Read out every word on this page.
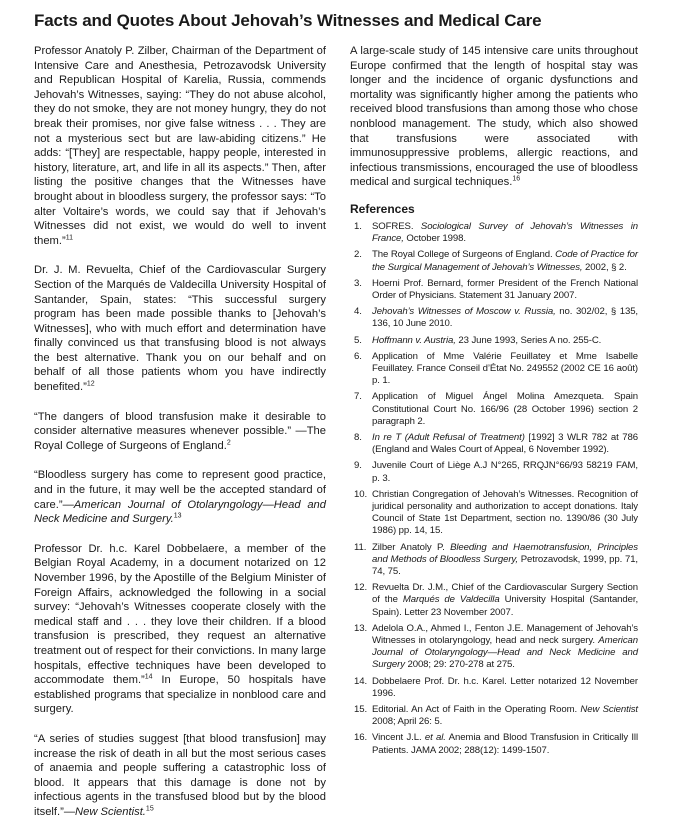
Facts and Quotes About Jehovah’s Witnesses and Medical Care

Professor Anatoly P. Zilber, Chairman of the Department of Intensive Care and Anesthesia, Petrozavodsk University and Republican Hospital of Karelia, Russia, commends Jehovah’s Witnesses, saying: “They do not abuse alcohol, they do not smoke, they are not money hungry, they do not break their promises, nor give false witness . . . They are not a mysterious sect but are law-abiding citizens.” He adds: “[They] are respectable, happy people, interested in history, literature, art, and life in all its aspects.” Then, after listing the positive changes that the Witnesses have brought about in bloodless surgery, the professor says: “To alter Voltaire’s words, we could say that if Jehovah’s Witnesses did not exist, we would do well to invent them.”$^{11}$

Dr. J. M. Revuelta, Chief of the Cardiovascular Surgery Section of the Marqués de Valdecilla University Hospital of Santander, Spain, states: “This successful surgery program has been made possible thanks to [Jehovah’s Witnesses], who with much effort and determination have finally convinced us that transfusing blood is not always the best alternative. Thank you on our behalf and on behalf of all those patients whom you have indirectly benefited.”$^{12}$

“The dangers of blood transfusion make it desirable to consider alternative measures whenever possible.” —The Royal College of Surgeons of England.$^2$

“Bloodless surgery has come to represent good practice, and in the future, it may well be the accepted standard of care.”—American Journal of Otolaryngology—Head and Neck Medicine and Surgery.$^{13}$

Professor Dr. h.c. Karel Dobbelaere, a member of the Belgian Royal Academy, in a document notarized on 12 November 1996, by the Apostille of the Belgium Minister of Foreign Affairs, acknowledged the following in a social survey: “Jehovah’s Witnesses cooperate closely with the medical staff and . . . they love their children. If a blood transfusion is prescribed, they request an alternative treatment out of respect for their convictions. In many large hospitals, effective techniques have been developed to accommodate them.”$^{14}$ In Europe, 50 hospitals have established programs that specialize in nonblood care and surgery.

“A series of studies suggest [that blood transfusion] may increase the risk of death in all but the most serious cases of anaemia and people suffering a catastrophic loss of blood. It appears that this damage is done not by infectious agents in the transfused blood but by the blood itself.”—New Scientist.$^{15}$

A large-scale study of 145 intensive care units throughout Europe confirmed that the length of hospital stay was longer and the incidence of organic dysfunctions and mortality was significantly higher among the patients who received blood transfusions than among those who chose nonblood management. The study, which also showed that transfusions were associated with immunosuppressive problems, allergic reactions, and infectious transmissions, encouraged the use of bloodless medical and surgical techniques.$^{16}$

References
1. SOFRES. Sociological Survey of Jehovah’s Witnesses in France, October 1998.
2. The Royal College of Surgeons of England. Code of Practice for the Surgical Management of Jehovah’s Witnesses, 2002, § 2.
3. Hoerni Prof. Bernard, former President of the French National Order of Physicians. Statement 31 January 2007.
4. Jehovah’s Witnesses of Moscow v. Russia, no. 302/02, § 135, 136, 10 June 2010.
5. Hoffmann v. Austria, 23 June 1993, Series A no. 255-C.
6. Application of Mme Valérie Feuillatey et Mme Isabelle Feuillatey. France Conseil d’État No. 249552 (2002 CE 16 août) p. 1.
7. Application of Miguel Ángel Molina Amezqueta. Spain Constitutional Court No. 166/96 (28 October 1996) section 2 paragraph 2.
8. In re T (Adult Refusal of Treatment) [1992] 3 WLR 782 at 786 (England and Wales Court of Appeal, 6 November 1992).
9. Juvenile Court of Liège A.J N°265, RRQJN°66/93 58219 FAM, p. 3.
10. Christian Congregation of Jehovah’s Witnesses. Recognition of juridical personality and authorization to accept donations. Italy Council of State 1st Department, section no. 1390/86 (30 July 1986) pp. 14, 15.
11. Zilber Anatoly P. Bleeding and Haemotransfusion, Principles and Methods of Bloodless Surgery, Petrozavodsk, 1999, pp. 71, 74, 75.
12. Revuelta Dr. J.M., Chief of the Cardiovascular Surgery Section of the Marqués de Valdecilla University Hospital (Santander, Spain). Letter 23 November 2007.
13. Adelola O.A., Ahmed I., Fenton J.E. Management of Jehovah’s Witnesses in otolaryngology, head and neck surgery. American Journal of Otolaryngology—Head and Neck Medicine and Surgery 2008; 29: 270-278 at 275.
14. Dobbelaere Prof. Dr. h.c. Karel. Letter notarized 12 November 1996.
15. Editorial. An Act of Faith in the Operating Room. New Scientist 2008; April 26: 5.
16. Vincent J.L. et al. Anemia and Blood Transfusion in Critically Ill Patients. JAMA 2002; 288(12): 1499-1507.
